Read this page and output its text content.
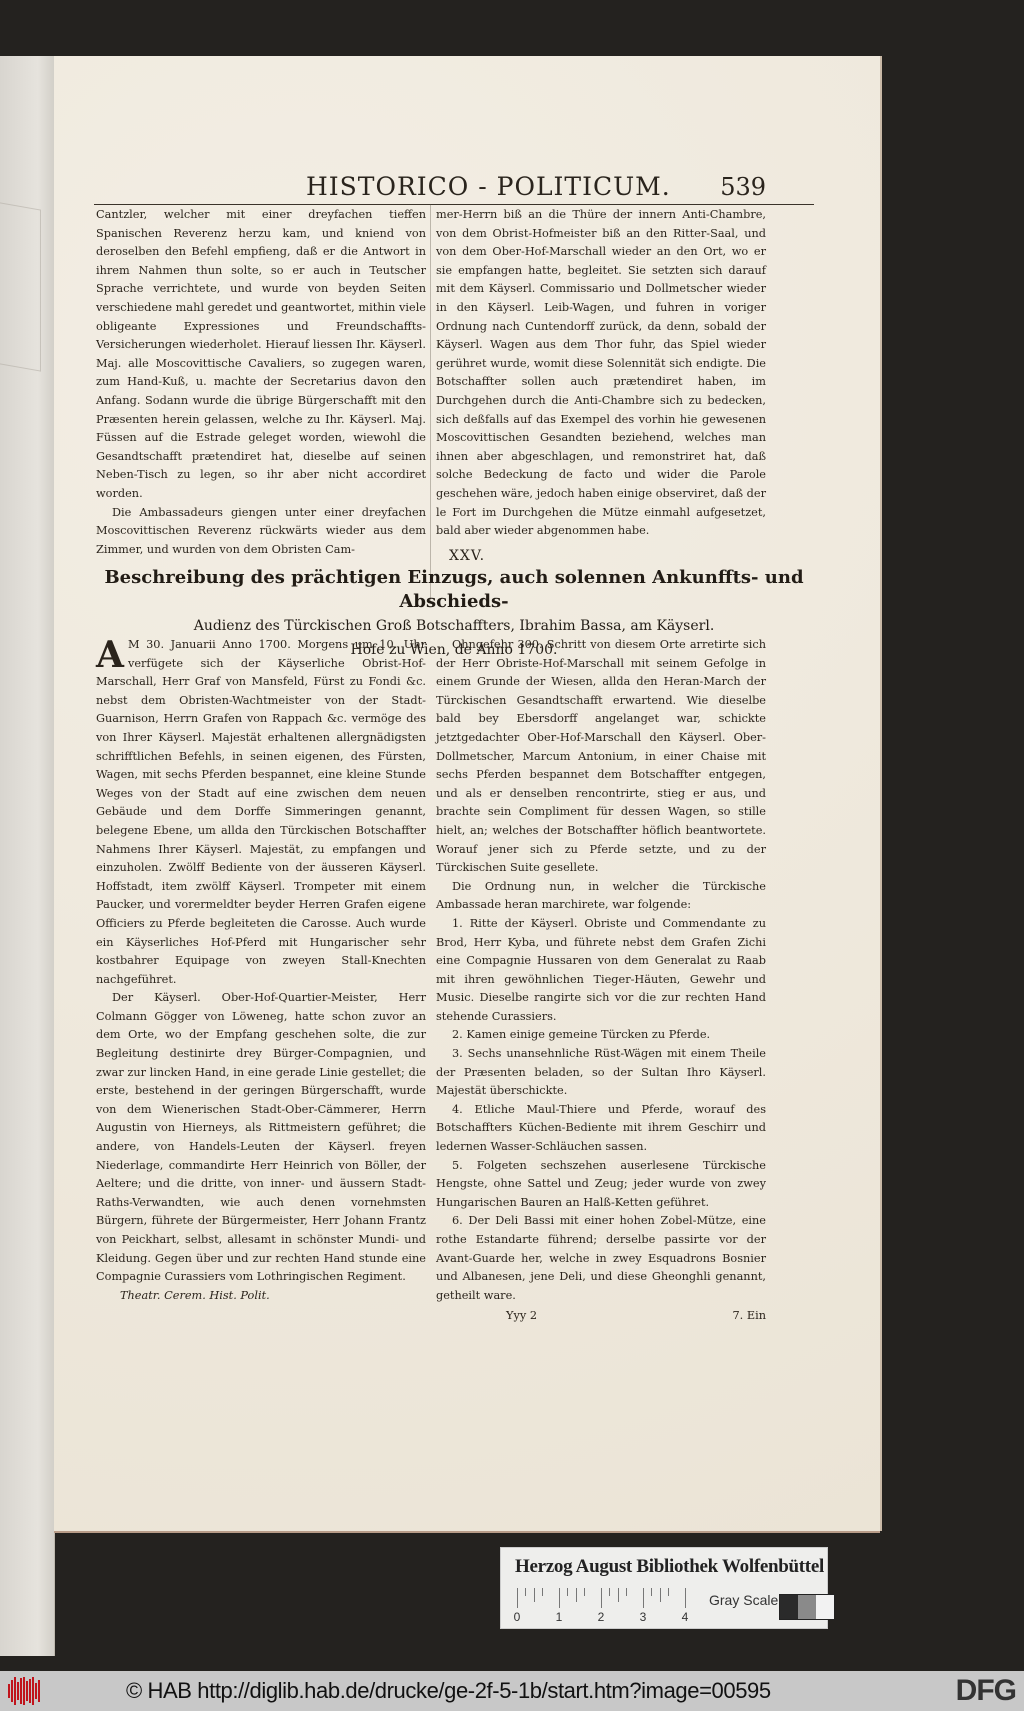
HISTORICO - POLITICUM. 539

Cantzler, welcher mit einer dreyfachen tieffen Spanischen Reverenz herzu kam, und kniend von deroselben den Befehl empfieng, daß er die Antwort in ihrem Nahmen thun solte, so er auch in Teutscher Sprache verrichtete, und wurde von beyden Seiten verschiedene mahl geredet und geantwortet, mithin viele obligeante Expressiones und Freundschaffts-Versicherungen wiederholet. Hierauf liessen Ihr. Käyserl. Maj. alle Moscovittische Cavaliers, so zugegen waren, zum Hand-Kuß, u. machte der Secretarius davon den Anfang. Sodann wurde die übrige Bürgerschafft mit den Præsenten herein gelassen, welche zu Ihr. Käyserl. Maj. Füssen auf die Estrade geleget worden, wiewohl die Gesandtschafft prætendiret hat, dieselbe auf seinen Neben-Tisch zu legen, so ihr aber nicht accordiret worden.

Die Ambassadeurs giengen unter einer dreyfachen Moscovittischen Reverenz rückwärts wieder aus dem Zimmer, und wurden von dem Obristen Cam-

mer-Herrn biß an die Thüre der innern Anti-Chambre, von dem Obrist-Hofmeister biß an den Ritter-Saal, und von dem Ober-Hof-Marschall wieder an den Ort, wo er sie empfangen hatte, begleitet. Sie setzten sich darauf mit dem Käyserl. Commissario und Dollmetscher wieder in den Käyserl. Leib-Wagen, und fuhren in voriger Ordnung nach Cuntendorff zurück, da denn, sobald der Käyserl. Wagen aus dem Thor fuhr, das Spiel wieder gerühret wurde, womit diese Solennität sich endigte. Die Botschaffter sollen auch prætendiret haben, im Durchgehen durch die Anti-Chambre sich zu bedecken, sich deßfalls auf das Exempel des vorhin hie gewesenen Moscovittischen Gesandten beziehend, welches man ihnen aber abgeschlagen, und remonstriret hat, daß solche Bedeckung de facto und wider die Parole geschehen wäre, jedoch haben einige observiret, daß der le Fort im Durchgehen die Mütze einmahl aufgesetzet, bald aber wieder abgenommen habe.

XXV.
Beschreibung des prächtigen Einzugs, auch solennen Ankunffts- und Abschieds-
Audienz des Türckischen Groß Botschaffters, Ibrahim Bassa, am Käyserl.
Hofe zu Wien, de Anno 1700.

A M 30. Januarii Anno 1700. Morgens um 10. Uhr verfügete sich der Käyserliche Obrist-Hof-Marschall, Herr Graf von Mansfeld, Fürst zu Fondi &c. nebst dem Obristen-Wachtmeister von der Stadt-Guarnison, Herrn Grafen von Rappach &c. vermöge des von Ihrer Käyserl. Majestät erhaltenen allergnädigsten schrifftlichen Befehls, in seinen eigenen, des Fürsten, Wagen, mit sechs Pferden bespannet, eine kleine Stunde Weges von der Stadt auf eine zwischen dem neuen Gebäude und dem Dorffe Simmeringen genannt, belegene Ebene, um allda den Türckischen Botschaffter Nahmens Ihrer Käyserl. Majestät, zu empfangen und einzuholen. Zwölff Bediente von der äusseren Käyserl. Hoffstadt, item zwölff Käyserl. Trompeter mit einem Paucker, und vorermeldter beyder Herren Grafen eigene Officiers zu Pferde begleiteten die Carosse. Auch wurde ein Käyserliches Hof-Pferd mit Hungarischer sehr kostbahrer Equipage von zweyen Stall-Knechten nachgeführet.

Der Käyserl. Ober-Hof-Quartier-Meister, Herr Colmann Gögger von Löweneg, hatte schon zuvor an dem Orte, wo der Empfang geschehen solte, die zur Begleitung destinirte drey Bürger-Compagnien, und zwar zur lincken Hand, in eine gerade Linie gestellet; die erste, bestehend in der geringen Bürgerschafft, wurde von dem Wienerischen Stadt-Ober-Cämmerer, Herrn Augustin von Hierneys, als Rittmeistern geführet; die andere, von Handels-Leuten der Käyserl. freyen Niederlage, commandirte Herr Heinrich von Böller, der Aeltere; und die dritte, von inner- und äussern Stadt-Raths-Verwandten, wie auch denen vornehmsten Bürgern, führete der Bürgermeister, Herr Johann Frantz von Peickhart, selbst, allesamt in schönster Mundi- und Kleidung. Gegen über und zur rechten Hand stunde eine Compagnie Curassiers vom Lothringischen Regiment.

Theatr. Cerem. Hist. Polit.

Ohngefehr 300. Schritt von diesem Orte arretirte sich der Herr Obriste-Hof-Marschall mit seinem Gefolge in einem Grunde der Wiesen, allda den Heran-March der Türckischen Gesandtschafft erwartend. Wie dieselbe bald bey Ebersdorff angelanget war, schickte jetztgedachter Ober-Hof-Marschall den Käyserl. Ober-Dollmetscher, Marcum Antonium, in einer Chaise mit sechs Pferden bespannet dem Botschaffter entgegen, und als er denselben rencontrirte, stieg er aus, und brachte sein Compliment für dessen Wagen, so stille hielt, an; welches der Botschaffter höflich beantwortete. Worauf jener sich zu Pferde setzte, und zu der Türckischen Suite gesellete.

Die Ordnung nun, in welcher die Türckische Ambassade heran marchirete, war folgende:

1. Ritte der Käyserl. Obriste und Commendante zu Brod, Herr Kyba, und führete nebst dem Grafen Zichi eine Compagnie Hussaren von dem Generalat zu Raab mit ihren gewöhnlichen Tieger-Häuten, Gewehr und Music. Dieselbe rangirte sich vor die zur rechten Hand stehende Curassiers.

2. Kamen einige gemeine Türcken zu Pferde.

3. Sechs unansehnliche Rüst-Wägen mit einem Theile der Præsenten beladen, so der Sultan Ihro Käyserl. Majestät überschickte.

4. Etliche Maul-Thiere und Pferde, worauf des Botschaffters Küchen-Bediente mit ihrem Geschirr und ledernen Wasser-Schläuchen sassen.

5. Folgeten sechszehen auserlesene Türckische Hengste, ohne Sattel und Zeug; jeder wurde von zwey Hungarischen Bauren an Halß-Ketten geführet.

6. Der Deli Bassi mit einer hohen Zobel-Mütze, eine rothe Estandarte führend; derselbe passirte vor der Avant-Guarde her, welche in zwey Esquadrons Bosnier und Albanesen, jene Deli, und diese Gheonghli genannt, getheilt ware.

Yyy 2	7. Ein
Herzog August Bibliothek Wolfenbüttel
0	1	2	3	4
Gray Scale
© HAB http://diglib.hab.de/drucke/ge-2f-5-1b/start.htm?image=00595	DFG
